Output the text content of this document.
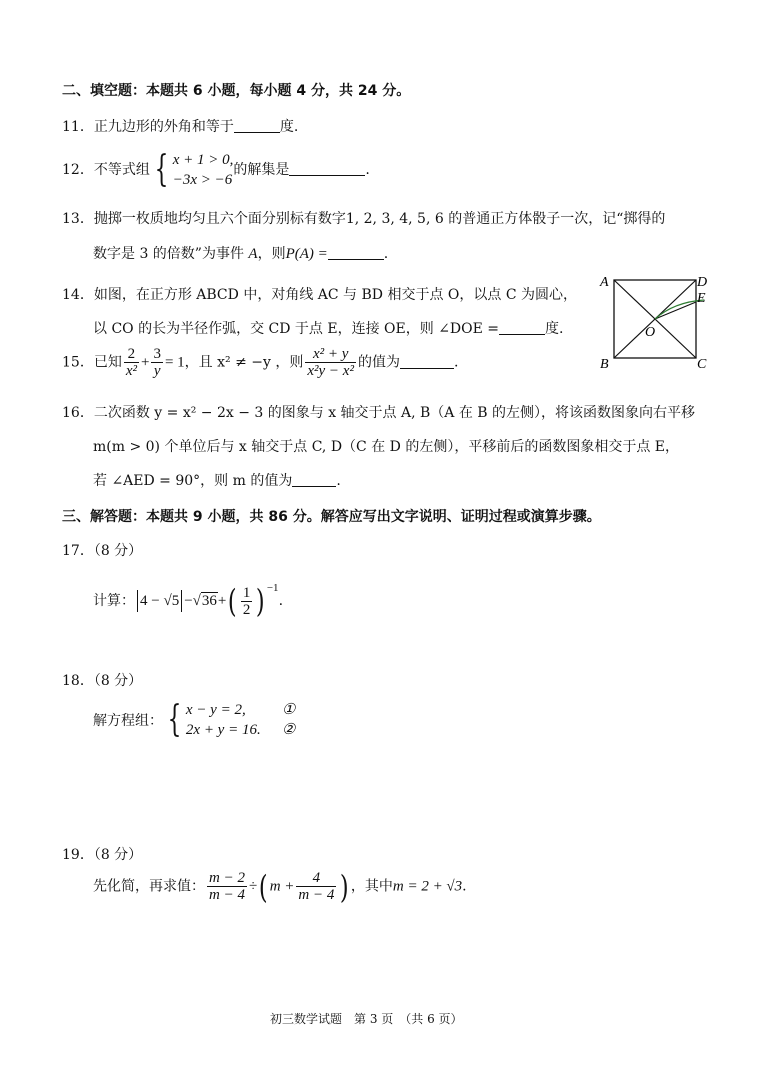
二、填空题：本题共 6 小题，每小题 4 分，共 24 分。
11．正九边形的外角和等于	度.
12．不等式组 { x + 1 > 0,
−3x > −6
的解集是	.
13．抛掷一枚质地均匀且六个面分别标有数字1, 2, 3, 4, 5, 6 的普通正方体骰子一次，记“掷得的
数字是 3 的倍数”为事件 A，则P(A) =	.
14．如图，在正方形 ABCD 中，对角线 AC 与 BD 相交于点 O，以点 C 为圆心，
以 CO 的长为半径作弧，交 CD 于点 E，连接 OE，则 ∠DOE =	度.
A	D
E
O
B	C
15．已知 $\frac{2}{\text{x²}} + \frac{3}{y} = 1$，且 x² ≠ −y ，则 $\frac{\text{x² + y}}{\text{x²y − x²}}$ 的值为	.
16．二次函数 y = x² − 2x − 3 的图象与 x 轴交于点 A, B（A 在 B 的左侧），将该函数图象向右平移
m(m > 0) 个单位后与 x 轴交于点 C, D（C 在 D 的左侧），平移前后的函数图象相交于点 E，
若 ∠AED = 90°，则 m 的值为	.
三、解答题：本题共 9 小题，共 86 分。解答应写出文字说明、证明过程或演算步骤。
17．（8 分）
计算： $4 - √5 -√36+( \frac{1}{2}$ ) $^{-1}$.
18．（8 分）
解方程组： { x − y = 2, ①
2x + y = 16. ②
19．（8 分）
先化简，再求值： $\frac{m - 2}{m - 4}$ ÷( $m + \frac{4}{m - 4}$ ) ，其中m = 2 + √3.
初三数学试题　第 3 页　（共 6 页）
